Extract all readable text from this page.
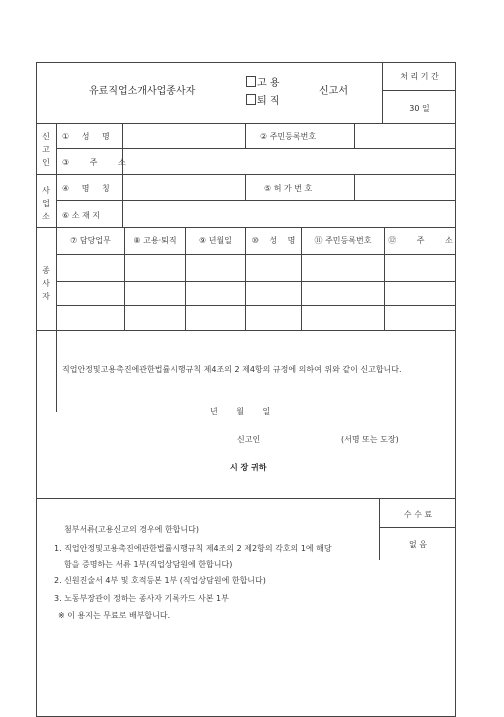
유료직업소개사업종사자
고 용
퇴 직
신고서
처 리 기 간
30 일
신
고
인
① 성 명	② 주민등록번호
③ 주 소
사
업
소
④ 명 칭	⑤ 허 가 번 호
⑥ 소 재 지
종
사
자
⑦ 담당업무	⑧ 고용·퇴직	⑨ 년월일	⑩ 성 명	⑪ 주민등록번호	⑫ 주 소
직업안정및고용촉진에관한법률시행규칙 제4조의 2 제4항의 규정에 의하여 위와 같이 신고합니다.
년 월 일
신고인	(서명 또는 도장)
시 장 귀하
수 수 료
없 음
첨부서류(고용신고의 경우에 한합니다)
1. 직업안정및고용촉진에관한법률시행규칙 제4조의 2 제2항의 각호의 1에 해당
함을 증명하는 서류 1부(직업상담원에 한합니다)
2. 신원진술서 4부 및 호적등본 1부 (직업상담원에 한합니다)
3. 노동부장관이 정하는 종사자 기록카드 사본 1부
※ 이 용지는 무료로 배부합니다.
